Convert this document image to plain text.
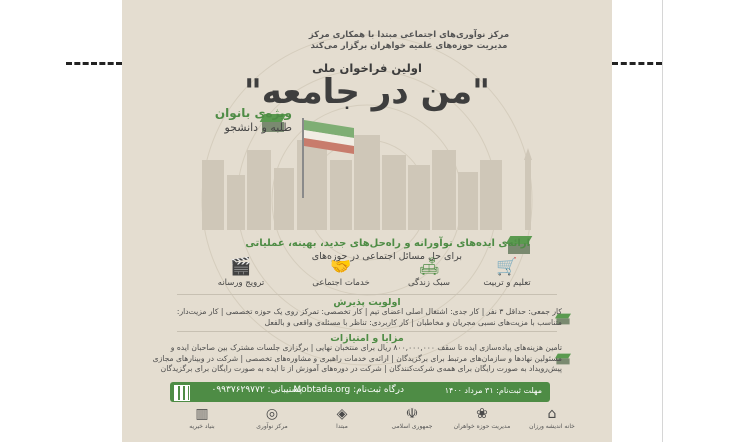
مرکز نوآوری‌های اجتماعی مبتدا با همکاری مرکز مدیریت حوزه‌های علمیه خواهران برگزار می‌کند
اولین فراخوان ملی
"من در جامعه"
ویژه‌ی بانوان
طلبه و دانشجو
ارائه‌ی ایده‌های نوآورانه و راه‌حل‌های جدید، بهینه، عملیاتی
برای حل مسائل اجتماعی در حوزه‌های
🛒
تعلیم و تربیت
🛋
سبک زندگی
🤝
خدمات اجتماعی
🎬
ترویج ورسانه
اولویت پذیرش
کار جمعی: حداقل ۳ نفر | کار جدی: اشتغال اصلی اعضای تیم | کار تخصصی: تمرکز روی یک حوزه تخصصی | کار مزیت‌دار: متناسب با مزیت‌های نسبی مجریان و مخاطبان | کار کاربردی: تناظر با مسئله‌ی واقعی و بالفعل
مزایا و امتیازات
تامین هزینه‌های پیاده‌سازی ایده تا سقف ۸۰۰,۰۰۰,۰۰۰ ریال برای منتخبان نهایی | برگزاری جلسات مشترک بین صاحبان ایده و مسئولین نهادها و سازمان‌های مرتبط برای برگزیدگان | ارائه‌ی خدمات راهبری و مشاوره‌های تخصصی | شرکت در وبینارهای مجازی پیش‌رویداد به صورت رایگان برای همه‌ی شرکت‌کنندگان | شرکت در دوره‌های آموزش از تا ایده به صورت رایگان برای برگزیدگان
مهلت ثبت‌نام: ۳۱ مرداد ۱۴۰۰
درگاه ثبت‌نام: Mobtada.org
پشتیبانی: ۰۹۹۳۷۶۲۹۷۷۲
⌂
خانه اندیشه ورزان
❀
مدیریت حوزه خواهران
☫
جمهوری اسلامی
◈
مبتدا
◎
مرکز نوآوری
▥
بنیاد خیریه
